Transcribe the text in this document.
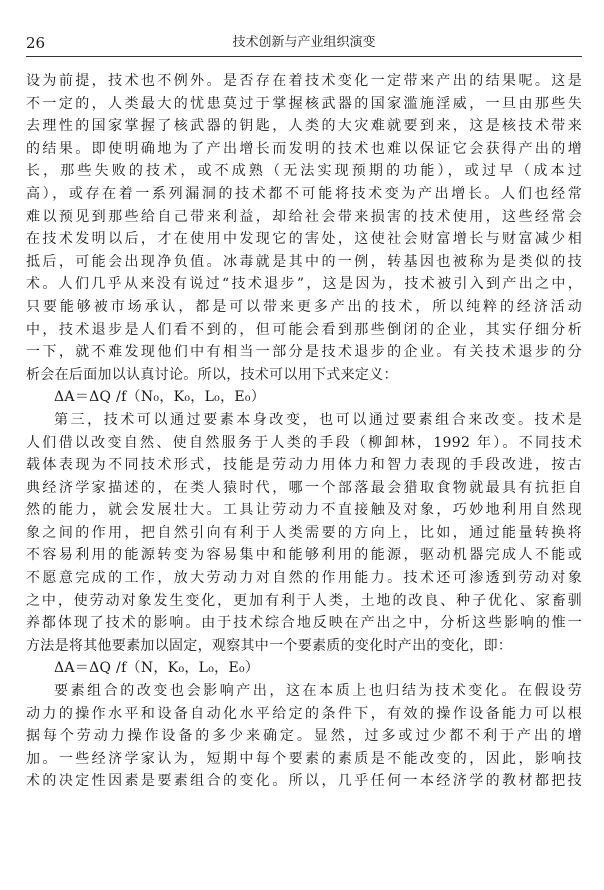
26	技术创新与产业组织演变
设为前提，技术也不例外。是否存在着技术变化一定带来产出的结果呢。这是
不一定的，人类最大的忧患莫过于掌握核武器的国家滥施淫威，一旦由那些失
去理性的国家掌握了核武器的钥匙，人类的大灾难就要到来，这是核技术带来
的结果。即使明确地为了产出增长而发明的技术也难以保证它会获得产出的增
长，那些失败的技术，或不成熟（无法实现预期的功能），或过早（成本过
高），或存在着一系列漏洞的技术都不可能将技术变为产出增长。人们也经常
难以预见到那些给自己带来利益，却给社会带来损害的技术使用，这些经常会
在技术发明以后，才在使用中发现它的害处，这使社会财富增长与财富减少相
抵后，可能会出现净负值。冰毒就是其中的一例，转基因也被称为是类似的技
术。人们几乎从来没有说过“技术退步”，这是因为，技术被引入到产出之中，
只要能够被市场承认，都是可以带来更多产出的技术，所以纯粹的经济活动
中，技术退步是人们看不到的，但可能会看到那些倒闭的企业，其实仔细分析
一下，就不难发现他们中有相当一部分是技术退步的企业。有关技术退步的分
析会在后面加以认真讨论。所以，技术可以用下式来定义：
ΔA＝ΔQ /f（N₀，K₀，L₀，E₀）
第三，技术可以通过要素本身改变，也可以通过要素组合来改变。技术是
人们借以改变自然、使自然服务于人类的手段（柳卸林，1992 年）。不同技术
载体表现为不同技术形式，技能是劳动力用体力和智力表现的手段改进，按古
典经济学家描述的，在类人猿时代，哪一个部落最会猎取食物就最具有抗拒自
然的能力，就会发展壮大。工具让劳动力不直接触及对象，巧妙地利用自然现
象之间的作用，把自然引向有利于人类需要的方向上，比如，通过能量转换将
不容易利用的能源转变为容易集中和能够利用的能源，驱动机器完成人不能或
不愿意完成的工作，放大劳动力对自然的作用能力。技术还可渗透到劳动对象
之中，使劳动对象发生变化，更加有利于人类，土地的改良、种子优化、家畜驯
养都体现了技术的影响。由于技术综合地反映在产出之中，分析这些影响的惟一
方法是将其他要素加以固定，观察其中一个要素质的变化时产出的变化，即：
ΔA＝ΔQ /f（N，K₀，L₀，E₀）
要素组合的改变也会影响产出，这在本质上也归结为技术变化。在假设劳
动力的操作水平和设备自动化水平给定的条件下，有效的操作设备能力可以根
据每个劳动力操作设备的多少来确定。显然，过多或过少都不利于产出的增
加。一些经济学家认为，短期中每个要素的素质是不能改变的，因此，影响技
术的决定性因素是要素组合的变化。所以，几乎任何一本经济学的教材都把技
